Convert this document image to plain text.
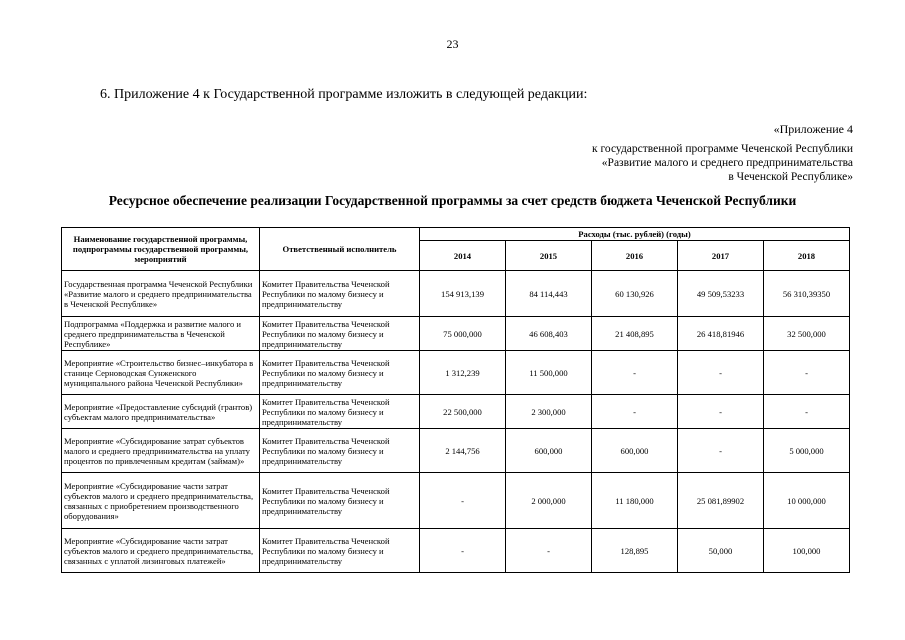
23
6. Приложение 4 к Государственной программе изложить в следующей редакции:
«Приложение 4
к государственной программе Чеченской Республики
«Развитие малого и среднего предпринимательства
в Чеченской Республике»
Ресурсное обеспечение реализации Государственной программы за счет средств бюджета Чеченской Республики
Наименование государственной программы, подпрограммы государственной программы, мероприятий	Ответственный исполнитель	Расходы (тыс. рублей) (годы)				
		2014	2015	2016	2017	2018
Государственная программа Чеченской Республики «Развитие малого и среднего предпринимательства в Чеченской Республике»	Комитет Правительства Чеченской Республики по малому бизнесу и предпринимательству	154 913,139	84 114,443	60 130,926	49 509,53233	56 310,39350
Подпрограмма «Поддержка и развитие малого и среднего предпринимательства в Чеченской Республике»	Комитет Правительства Чеченской Республики по малому бизнесу и предпринимательству	75 000,000	46 608,403	21 408,895	26 418,81946	32 500,000
Мероприятие «Строительство бизнес–инкубатора в станице Серноводская Сунженского муниципального района Чеченской Республики»	Комитет Правительства Чеченской Республики по малому бизнесу и предпринимательству	1 312,239	11 500,000	-	-	-
Мероприятие «Предоставление субсидий (грантов) субъектам малого предпринимательства»	Комитет Правительства Чеченской Республики по малому бизнесу и предпринимательству	22 500,000	2 300,000	-	-	-
Мероприятие «Субсидирование затрат субъектов малого и среднего предпринимательства на уплату процентов по привлеченным кредитам (займам)»	Комитет Правительства Чеченской Республики по малому бизнесу и предпринимательству	2 144,756	600,000	600,000	-	5 000,000
Мероприятие «Субсидирование части затрат субъектов малого и среднего предпринимательства, связанных с приобретением производственного оборудования»	Комитет Правительства Чеченской Республики по малому бизнесу и предпринимательству	-	2 000,000	11 180,000	25 081,89902	10 000,000
Мероприятие «Субсидирование части затрат субъектов малого и среднего предпринимательства, связанных с уплатой лизинговых платежей»	Комитет Правительства Чеченской Республики по малому бизнесу и предпринимательству	-	-	128,895	50,000	100,000
